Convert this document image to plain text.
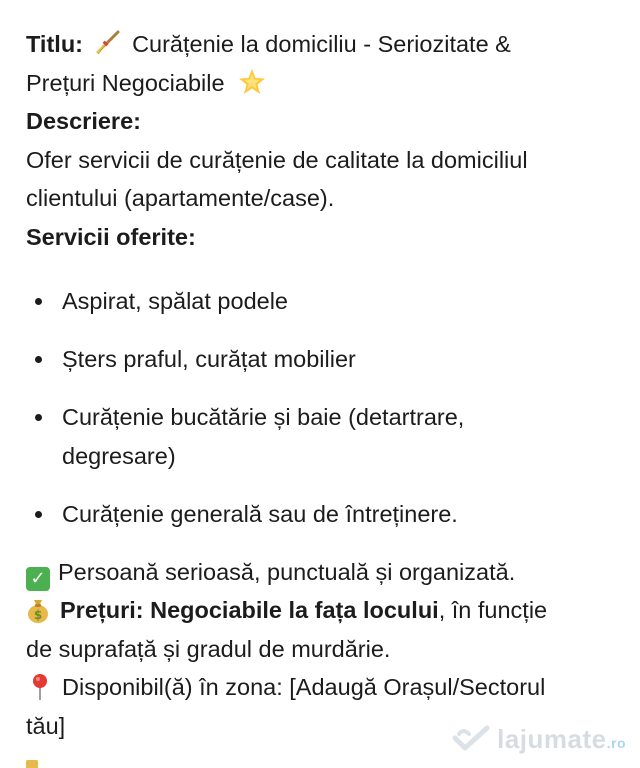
Titlu: Curățenie la domiciliu - Seriozitate &
Prețuri Negociabile
Descriere:
Ofer servicii de curățenie de calitate la domiciliul
clientului (apartamente/case).
Servicii oferite:
Aspirat, spălat podele
Șters praful, curățat mobilier
Curățenie bucătărie și baie (detartrare, degresare)
Curățenie generală sau de întreținere.
✓ Persoană serioasă, punctuală și organizată.
$ Prețuri: Negociabile la fața locului, în funcție
de suprafață și gradul de murdărie.
Disponibil(ă) în zona: [Adaugă Orașul/Sectorul
tău]	lajumate.ro
